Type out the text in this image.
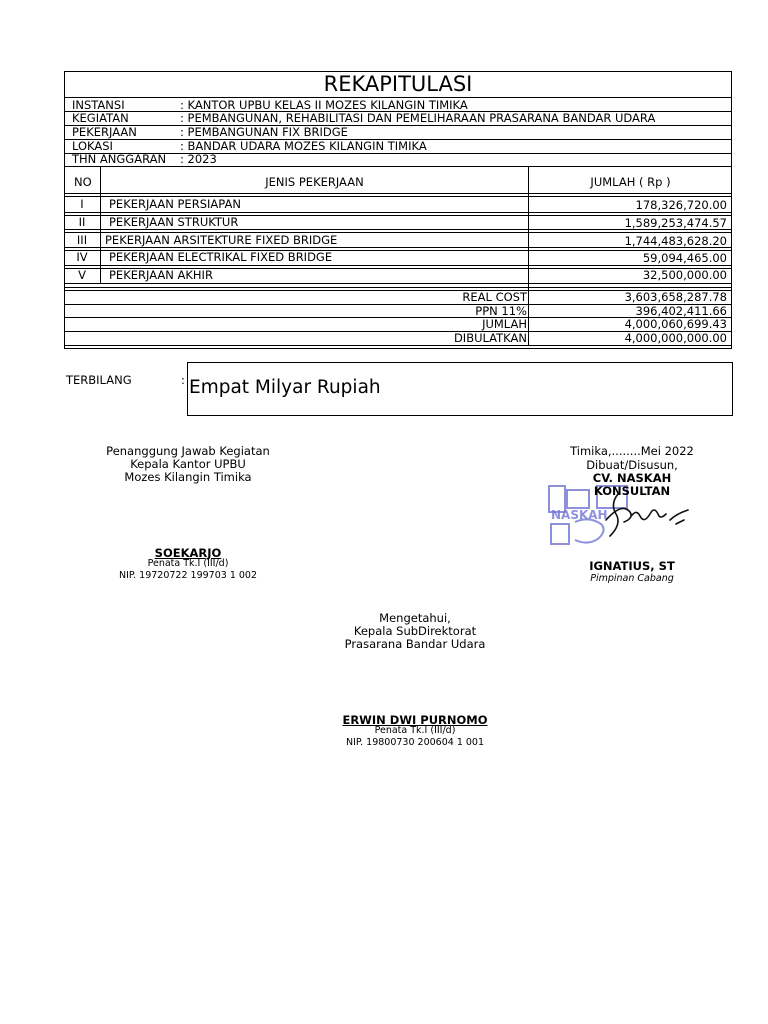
REKAPITULASI
INSTANSI	: KANTOR UPBU KELAS II MOZES KILANGIN TIMIKA
KEGIATAN	: PEMBANGUNAN, REHABILITASI DAN PEMELIHARAAN PRASARANA BANDAR UDARA
PEKERJAAN	: PEMBANGUNAN FIX BRIDGE
LOKASI	: BANDAR UDARA MOZES KILANGIN TIMIKA
THN ANGGARAN : 2023
NO	JENIS PEKERJAAN	JUMLAH ( Rp )
I	PEKERJAAN PERSIAPAN	178,326,720.00
II	PEKERJAAN STRUKTUR	1,589,253,474.57
III	PEKERJAAN ARSITEKTURE FIXED BRIDGE	1,744,483,628.20
IV	PEKERJAAN ELECTRIKAL FIXED BRIDGE	59,094,465.00
V	PEKERJAAN AKHIR	32,500,000.00
REAL COST	3,603,658,287.78
PPN 11%	396,402,411.66
JUMLAH	4,000,060,699.43
DIBULATKAN	4,000,000,000.00
TERBILANG	: Empat Milyar Rupiah
Penanggung Jawab Kegiatan
Kepala Kantor UPBU
Mozes Kilangin Timika
SOEKARJO
Penata Tk.I (III/d)
NIP. 19720722 199703 1 002
Timika,........Mei 2022
Dibuat/Disusun,
NASKAH
CV. NASKAH
KONSULTAN
IGNATIUS, ST
Pimpinan Cabang
Mengetahui,
Kepala SubDirektorat
Prasarana Bandar Udara
ERWIN DWI PURNOMO
Penata Tk.I (III/d)
NIP. 19800730 200604 1 001
